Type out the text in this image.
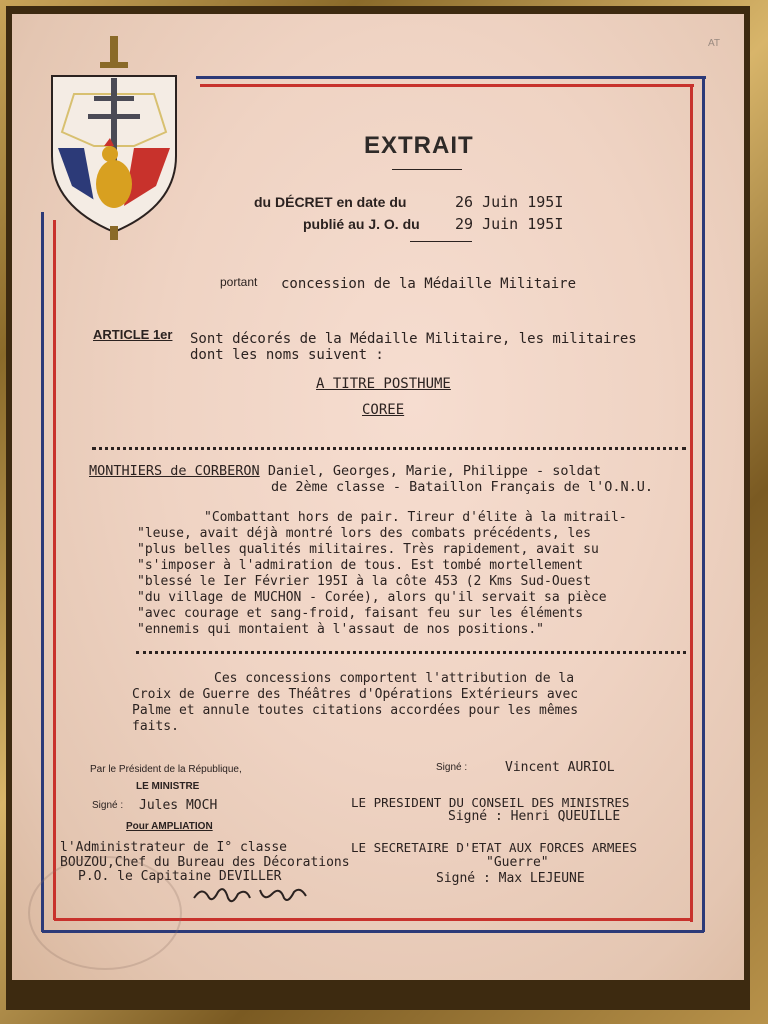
AT
EXTRAIT
du DÉCRET en date du	26 Juin 195I
publié au J. O. du 29 Juin 195I
portant concession de la Médaille Militaire
ARTICLE 1er Sont décorés de la Médaille Militaire, les militaires
dont les noms suivent :
A TITRE POSTHUME
COREE
MONTHIERS de CORBERON Daniel, Georges, Marie, Philippe - soldat
de 2ème classe - Bataillon Français de l'O.N.U.
"Combattant hors de pair. Tireur d'élite à la mitrail-
"leuse, avait déjà montré lors des combats précédents, les
"plus belles qualités militaires. Très rapidement, avait su
"s'imposer à l'admiration de tous. Est tombé mortellement
"blessé le Ier Février 195I à la côte 453 (2 Kms Sud-Ouest
"du village de MUCHON - Corée), alors qu'il servait sa pièce
"avec courage et sang-froid, faisant feu sur les éléments
"ennemis qui montaient à l'assaut de nos positions."
Ces concessions comportent l'attribution de la
Croix de Guerre des Théâtres d'Opérations Extérieurs avec
Palme et annule toutes citations accordées pour les mêmes
faits.
Par le Président de la République,
LE MINISTRE
Signé : Jules MOCH
Pour AMPLIATION
l'Administrateur de I° classe
BOUZOU,Chef du Bureau des Décorations
P.O. le Capitaine DEVILLER
Signé :	Vincent AURIOL
LE PRESIDENT DU CONSEIL DES MINISTRES
Signé : Henri QUEUILLE
LE SECRETAIRE D'ETAT AUX FORCES ARMEES
"Guerre"
Signé : Max LEJEUNE
